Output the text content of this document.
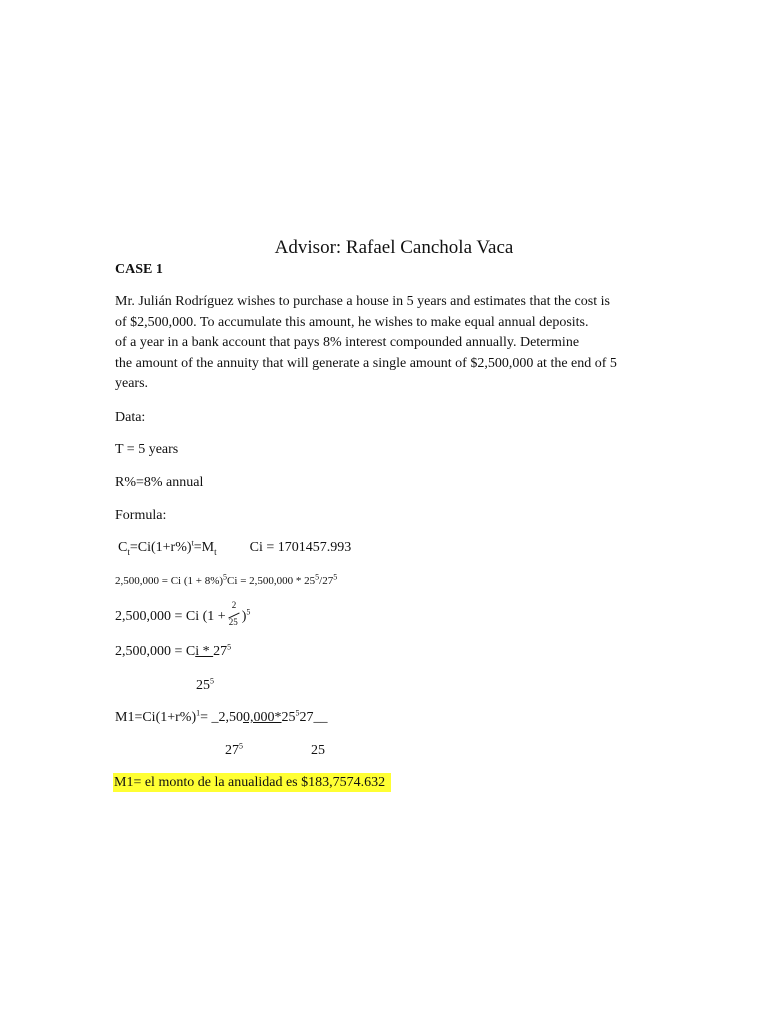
Advisor: Rafael Canchola Vaca
CASE 1
Mr. Julián Rodríguez wishes to purchase a house in 5 years and estimates that the cost is
of $2,500,000. To accumulate this amount, he wishes to make equal annual deposits.
of a year in a bank account that pays 8% interest compounded annually. Determine
the amount of the annuity that will generate a single amount of $2,500,000 at the end of 5
years.
Data:
T = 5 years
R%=8% annual
Formula:
$C_t=Ci(1+r\%)^t=M_t$ Ci = 1701457.993
2,500,000 = Ci $(1 + 8\%)^5Ci = 2,500,000 * 25^5/27^5$
2,500,000 = Ci (1 +
2
25 )$^5$
$2,500,000 = Ci * 27^5$
$25^5$
$M1=Ci(1+r\%)^1=$ $\_2,500,000*25^527\_\_$
$27^5$	25
M1= el monto de la anualidad es $183,7574.632
